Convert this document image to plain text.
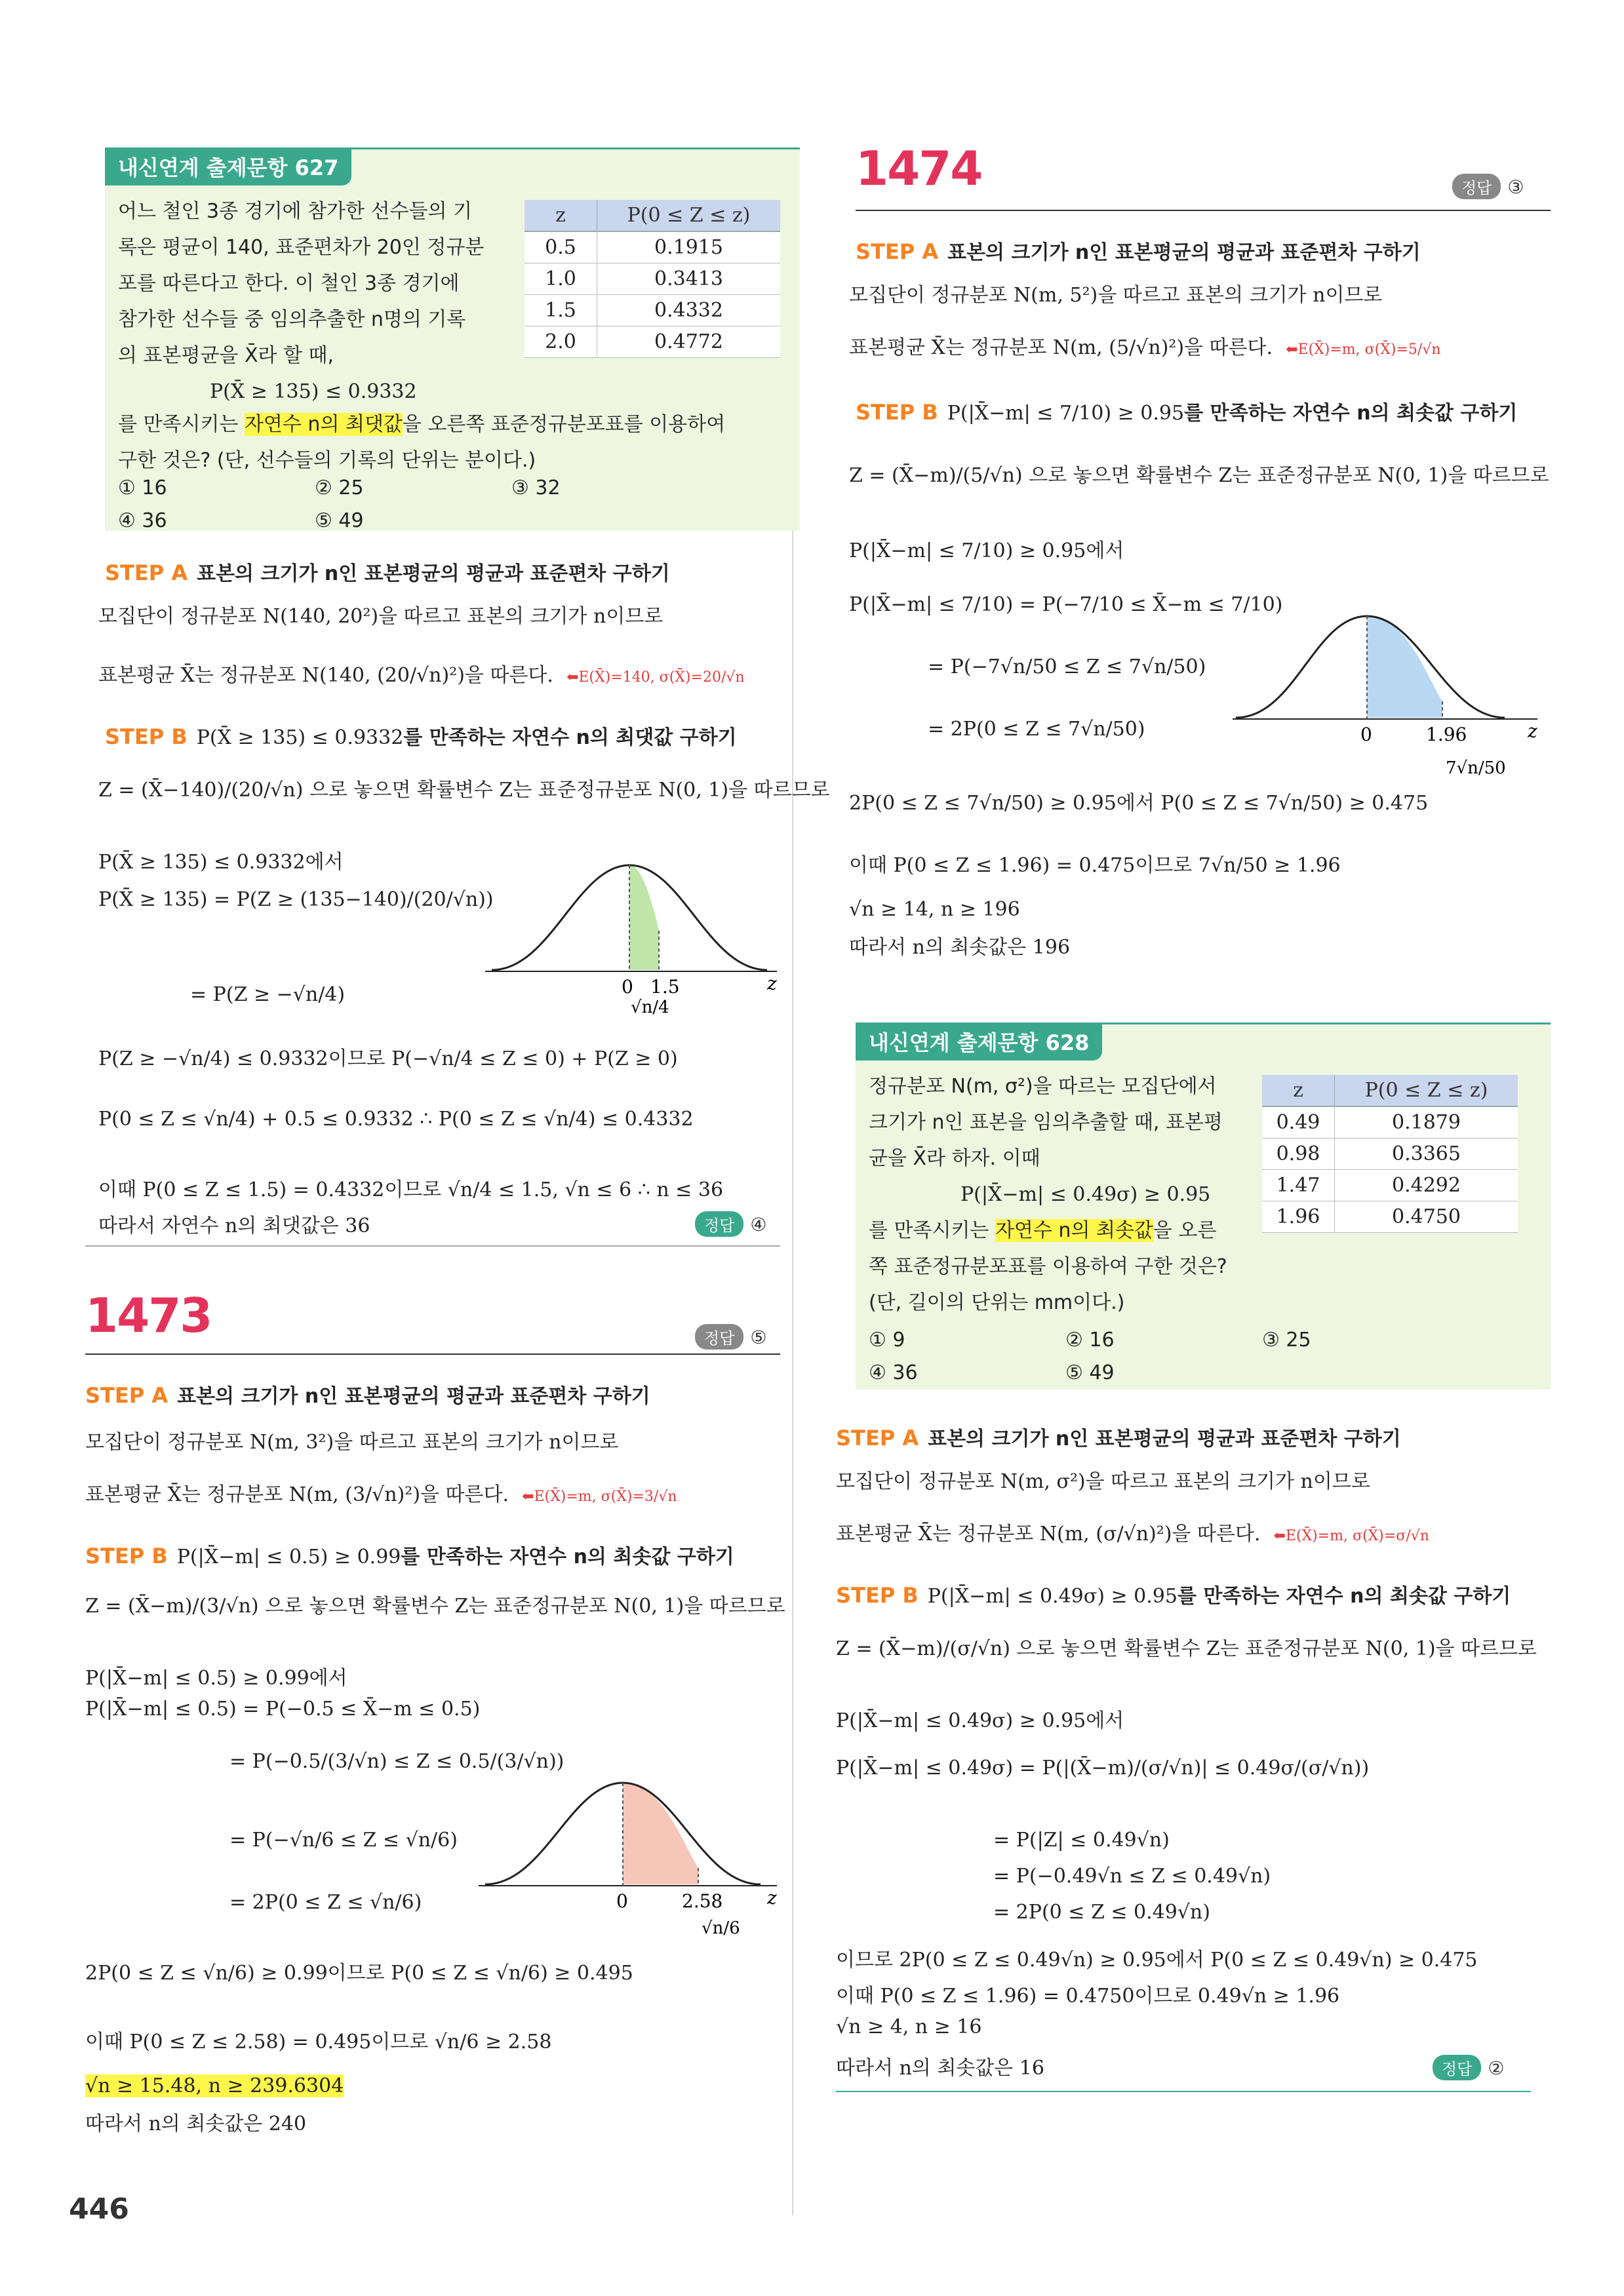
내신연계 출제문항 627
어느 철인 3종 경기에 참가한 선수들의 기
록은 평균이 140, 표준편차가 20인 정규분
포를 따른다고 한다. 이 철인 3종 경기에
참가한 선수들 중 임의추출한 n명의 기록
의 표본평균을 X̄라 할 때,
P(X̄ ≥ 135) ≤ 0.9332
z	P(0 ≤ Z ≤ z)
0.5	0.1915
1.0	0.3413
1.5	0.4332
2.0	0.4772
를 만족시키는 자연수 n의 최댓값을 오른쪽 표준정규분포표를 이용하여
구한 것은? (단, 선수들의 기록의 단위는 분이다.)
① 16	② 25	③ 32
④ 36	⑤ 49
STEP A 표본의 크기가 n인 표본평균의 평균과 표준편차 구하기
모집단이 정규분포 N(140, 20²)을 따르고 표본의 크기가 n이므로
표본평균 X̄는 정규분포 N(140, (20/√n)²)을 따른다. ⬅E(X̄)=140, σ(X̄)=20/√n
STEP B P(X̄ ≥ 135) ≤ 0.9332를 만족하는 자연수 n의 최댓값 구하기
Z = (X̄−140)/(20/√n) 으로 놓으면 확률변수 Z는 표준정규분포 N(0, 1)을 따르므로
P(X̄ ≥ 135) ≤ 0.9332에서
P(X̄ ≥ 135) = P(Z ≥ (135−140)/(20/√n))
= P(Z ≥ −√n/4)
P(Z ≥ −√n/4) ≤ 0.9332이므로 P(−√n/4 ≤ Z ≤ 0) + P(Z ≥ 0)
P(0 ≤ Z ≤ √n/4) + 0.5 ≤ 0.9332 ∴ P(0 ≤ Z ≤ √n/4) ≤ 0.4332
이때 P(0 ≤ Z ≤ 1.5) = 0.4332이므로 √n/4 ≤ 1.5, √n ≤ 6 ∴ n ≤ 36
따라서 자연수 n의 최댓값은 36
0 1.5	z
√n/4
정답 ④
1473	정답 ⑤
STEP A 표본의 크기가 n인 표본평균의 평균과 표준편차 구하기
모집단이 정규분포 N(m, 3²)을 따르고 표본의 크기가 n이므로
표본평균 X̄는 정규분포 N(m, (3/√n)²)을 따른다. ⬅E(X̄)=m, σ(X̄)=3/√n
STEP B P(|X̄−m| ≤ 0.5) ≥ 0.99를 만족하는 자연수 n의 최솟값 구하기
Z = (X̄−m)/(3/√n) 으로 놓으면 확률변수 Z는 표준정규분포 N(0, 1)을 따르므로
P(|X̄−m| ≤ 0.5) ≥ 0.99에서
P(|X̄−m| ≤ 0.5) = P(−0.5 ≤ X̄−m ≤ 0.5)
= P(−0.5/(3/√n) ≤ Z ≤ 0.5/(3/√n))
= P(−√n/6 ≤ Z ≤ √n/6)
= 2P(0 ≤ Z ≤ √n/6)
2P(0 ≤ Z ≤ √n/6) ≥ 0.99이므로 P(0 ≤ Z ≤ √n/6) ≥ 0.495
이때 P(0 ≤ Z ≤ 2.58) = 0.495이므로 √n/6 ≥ 2.58
√n ≥ 15.48, n ≥ 239.6304
따라서 n의 최솟값은 240
0	2.58 z
√n/6
1474	정답 ③
STEP A 표본의 크기가 n인 표본평균의 평균과 표준편차 구하기
모집단이 정규분포 N(m, 5²)을 따르고 표본의 크기가 n이므로
표본평균 X̄는 정규분포 N(m, (5/√n)²)을 따른다. ⬅E(X̄)=m, σ(X̄)=5/√n
STEP B P(|X̄−m| ≤ 7/10) ≥ 0.95를 만족하는 자연수 n의 최솟값 구하기
Z = (X̄−m)/(5/√n) 으로 놓으면 확률변수 Z는 표준정규분포 N(0, 1)을 따르므로
P(|X̄−m| ≤ 7/10) ≥ 0.95에서
P(|X̄−m| ≤ 7/10) = P(−7/10 ≤ X̄−m ≤ 7/10)
= P(−7√n/50 ≤ Z ≤ 7√n/50)
= 2P(0 ≤ Z ≤ 7√n/50)
2P(0 ≤ Z ≤ 7√n/50) ≥ 0.95에서 P(0 ≤ Z ≤ 7√n/50) ≥ 0.475
이때 P(0 ≤ Z ≤ 1.96) = 0.475이므로 7√n/50 ≥ 1.96
√n ≥ 14, n ≥ 196
따라서 n의 최솟값은 196
0	1.96	z
7√n/50
내신연계 출제문항 628
정규분포 N(m, σ²)을 따르는 모집단에서
크기가 n인 표본을 임의추출할 때, 표본평
균을 X̄라 하자. 이때
P(|X̄−m| ≤ 0.49σ) ≥ 0.95
를 만족시키는 자연수 n의 최솟값을 오른
쪽 표준정규분포표를 이용하여 구한 것은?
(단, 길이의 단위는 mm이다.)
z	P(0 ≤ Z ≤ z)
0.49	0.1879
0.98	0.3365
1.47	0.4292
1.96	0.4750
① 9	② 16	③ 25
④ 36	⑤ 49
STEP A 표본의 크기가 n인 표본평균의 평균과 표준편차 구하기
모집단이 정규분포 N(m, σ²)을 따르고 표본의 크기가 n이므로
표본평균 X̄는 정규분포 N(m, (σ/√n)²)을 따른다. ⬅E(X̄)=m, σ(X̄)=σ/√n
STEP B P(|X̄−m| ≤ 0.49σ) ≥ 0.95를 만족하는 자연수 n의 최솟값 구하기
Z = (X̄−m)/(σ/√n) 으로 놓으면 확률변수 Z는 표준정규분포 N(0, 1)을 따르므로
P(|X̄−m| ≤ 0.49σ) ≥ 0.95에서
P(|X̄−m| ≤ 0.49σ) = P(|(X̄−m)/(σ/√n)| ≤ 0.49σ/(σ/√n))
= P(|Z| ≤ 0.49√n)
= P(−0.49√n ≤ Z ≤ 0.49√n)
= 2P(0 ≤ Z ≤ 0.49√n)
이므로 2P(0 ≤ Z ≤ 0.49√n) ≥ 0.95에서 P(0 ≤ Z ≤ 0.49√n) ≥ 0.475
이때 P(0 ≤ Z ≤ 1.96) = 0.4750이므로 0.49√n ≥ 1.96
√n ≥ 4, n ≥ 16
따라서 n의 최솟값은 16	정답 ②
446
